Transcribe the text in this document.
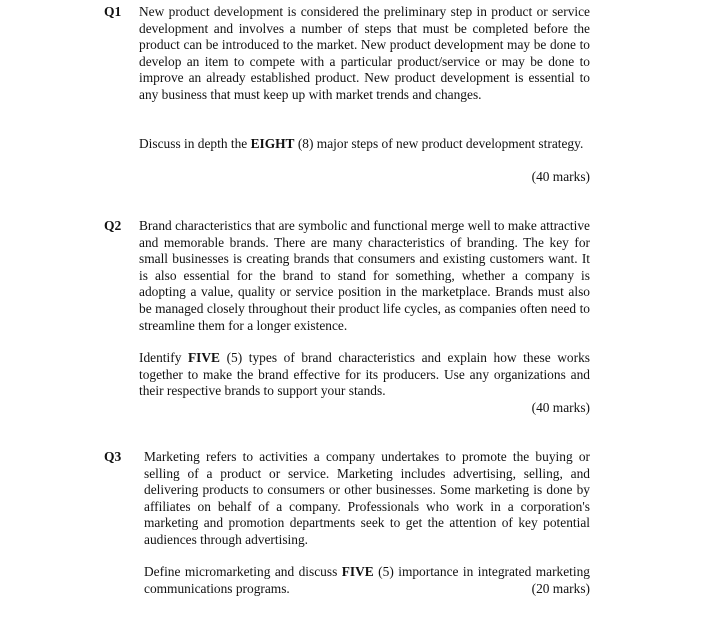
Q1 New product development is considered the preliminary step in product or service development and involves a number of steps that must be completed before the product can be introduced to the market. New product development may be done to develop an item to compete with a particular product/service or may be done to improve an already established product. New product development is essential to any business that must keep up with market trends and changes.

Discuss in depth the EIGHT (8) major steps of new product development strategy.

(40 marks)
Q2 Brand characteristics that are symbolic and functional merge well to make attractive and memorable brands. There are many characteristics of branding. The key for small businesses is creating brands that consumers and existing customers want. It is also essential for the brand to stand for something, whether a company is adopting a value, quality or service position in the marketplace. Brands must also be managed closely throughout their product life cycles, as companies often need to streamline them for a longer existence.

Identify FIVE (5) types of brand characteristics and explain how these works together to make the brand effective for its producers. Use any organizations and their respective brands to support your stands.

(40 marks)
Q3 Marketing refers to activities a company undertakes to promote the buying or selling of a product or service. Marketing includes advertising, selling, and delivering products to consumers or other businesses. Some marketing is done by affiliates on behalf of a company. Professionals who work in a corporation's marketing and promotion departments seek to get the attention of key potential audiences through advertising.

Define micromarketing and discuss FIVE (5) importance in integrated marketing communications programs.	(20 marks)
